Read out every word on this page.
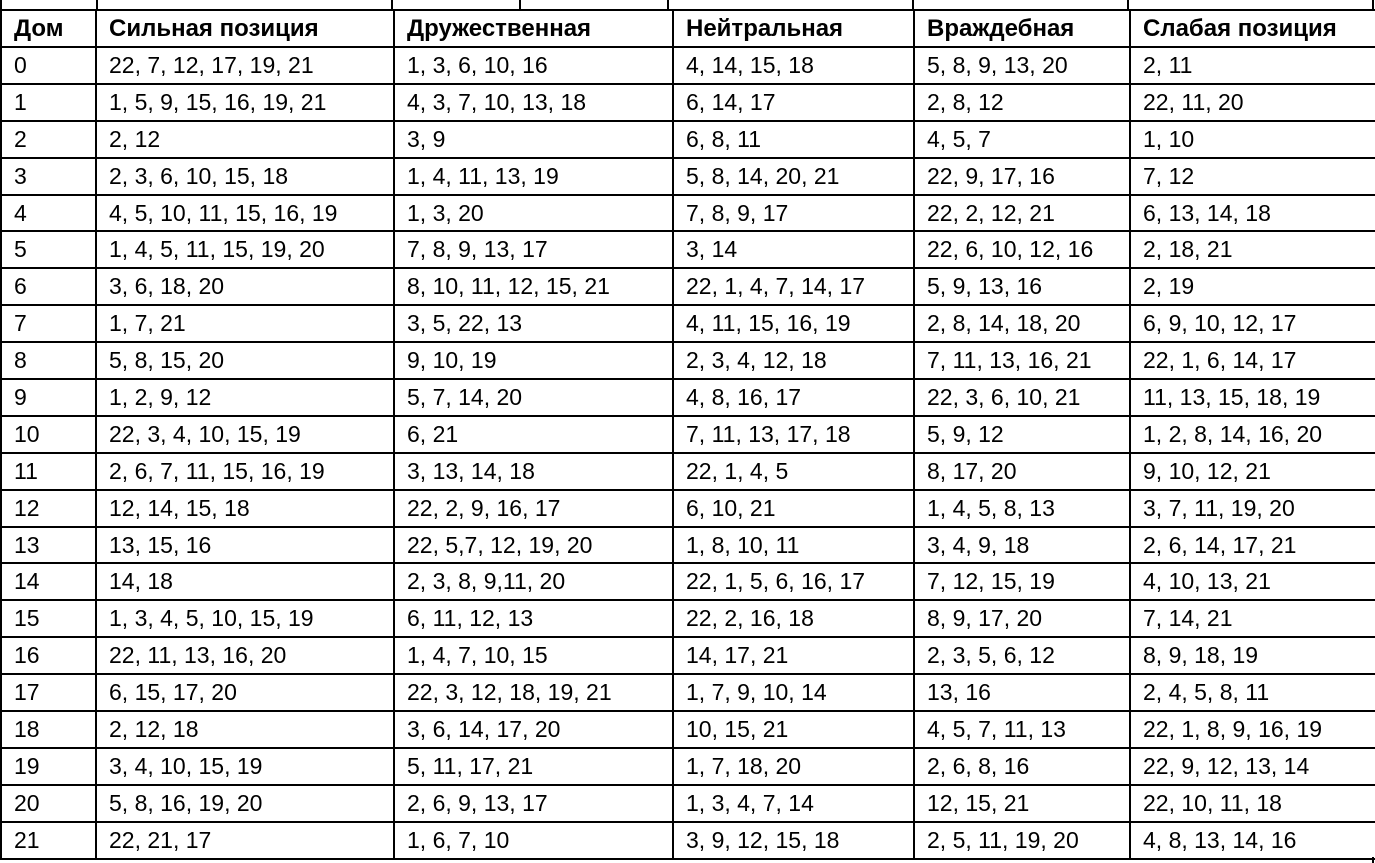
Дом	Сильная позиция	Дружественная	Нейтральная	Враждебная	Слабая позиция
0	22, 7, 12, 17, 19, 21	1, 3, 6, 10, 16	4, 14, 15, 18	5, 8, 9, 13, 20	2, 11
1	1, 5, 9, 15, 16, 19, 21	4, 3, 7, 10, 13, 18	6, 14, 17	2, 8, 12	22, 11, 20
2	2, 12	3, 9	6, 8, 11	4, 5, 7	1, 10
3	2, 3, 6, 10, 15, 18	1, 4, 11, 13, 19	5, 8, 14, 20, 21	22, 9, 17, 16	7, 12
4	4, 5, 10, 11, 15, 16, 19	1, 3, 20	7, 8, 9, 17	22, 2, 12, 21	6, 13, 14, 18
5	1, 4, 5, 11, 15, 19, 20	7, 8, 9, 13, 17	3, 14	22, 6, 10, 12, 16	2, 18, 21
6	3, 6, 18, 20	8, 10, 11, 12, 15, 21	22, 1, 4, 7, 14, 17	5, 9, 13, 16	2, 19
7	1, 7, 21	3, 5, 22, 13	4, 11, 15, 16, 19	2, 8, 14, 18, 20	6, 9, 10, 12, 17
8	5, 8, 15, 20	9, 10, 19	2, 3, 4, 12, 18	7, 11, 13, 16, 21	22, 1, 6, 14, 17
9	1, 2, 9, 12	5, 7, 14, 20	4, 8, 16, 17	22, 3, 6, 10, 21	11, 13, 15, 18, 19
10	22, 3, 4, 10, 15, 19	6, 21	7, 11, 13, 17, 18	5, 9, 12	1, 2, 8, 14, 16, 20
11	2, 6, 7, 11, 15, 16, 19	3, 13, 14, 18	22, 1, 4, 5	8, 17, 20	9, 10, 12, 21
12	12, 14, 15, 18	22, 2, 9, 16, 17	6, 10, 21	1, 4, 5, 8, 13	3, 7, 11, 19, 20
13	13, 15, 16	22, 5,7, 12, 19, 20	1, 8, 10, 11	3, 4, 9, 18	2, 6, 14, 17, 21
14	14, 18	2, 3, 8, 9,11, 20	22, 1, 5, 6, 16, 17	7, 12, 15, 19	4, 10, 13, 21
15	1, 3, 4, 5, 10, 15, 19	6, 11, 12, 13	22, 2, 16, 18	8, 9, 17, 20	7, 14, 21
16	22, 11, 13, 16, 20	1, 4, 7, 10, 15	14, 17, 21	2, 3, 5, 6, 12	8, 9, 18, 19
17	6, 15, 17, 20	22, 3, 12, 18, 19, 21	1, 7, 9, 10, 14	13, 16	2, 4, 5, 8, 11
18	2, 12, 18	3, 6, 14, 17, 20	10, 15, 21	4, 5, 7, 11, 13	22, 1, 8, 9, 16, 19
19	3, 4, 10, 15, 19	5, 11, 17, 21	1, 7, 18, 20	2, 6, 8, 16	22, 9, 12, 13, 14
20	5, 8, 16, 19, 20	2, 6, 9, 13, 17	1, 3, 4, 7, 14	12, 15, 21	22, 10, 11, 18
21	22, 21, 17	1, 6, 7, 10	3, 9, 12, 15, 18	2, 5, 11, 19, 20	4, 8, 13, 14, 16
